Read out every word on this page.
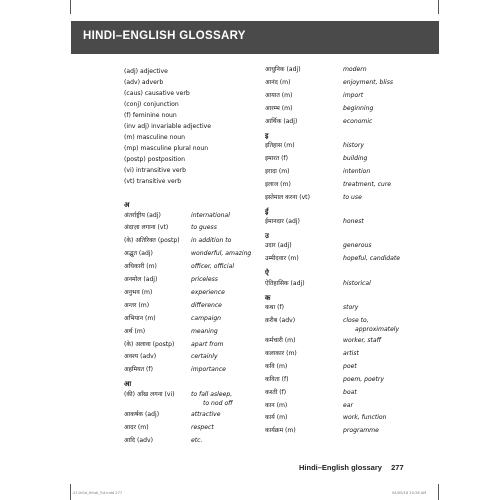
HINDI–ENGLISH GLOSSARY
(adj) adjective
(adv) adverb
(caus) causative verb
(conj) conjunction
(f) feminine noun
(inv adj) invariable adjective
(m) masculine noun
(mp) masculine plural noun
(postp) postposition
(vi) intransitive verb
(vt) transitive verb
अ
अंतर्राष्ट्रीय (adj)	international
अंदाज़ा लगाना (vt)	to guess
(के) अतिरिक्त (postp) in addition to
अद्भुत (adj)	wonderful, amazing
अधिकारी (m)	officer, official
अनमोल (adj)	priceless
अनुभव (m)	experience
अन्तर (m)	difference
अभियान (m)	campaign
अर्थ (m)	meaning
(के) अलावा (postp)	apart from
अवश्य (adv)	certainly
अहमियत (f)	importance
आ
(की) आँख लगना (vi)	to fall asleep,
to nod off
आकर्षक (adj)	attractive
आदर (m)	respect
आदि (adv)	etc.
आधुनिक (adj)	modern
आनंद (m)	enjoyment, bliss
आयात (m)	import
आरम्भ (m)	beginning
आर्थिक (adj)	economic
इ
इतिहास (m)	history
इमारत (f)	building
इरादा (m)	intention
इलाज (m)	treatment, cure
इस्तेमाल करना (vt)	to use
ई
ईमानदार (adj)	honest
उ
उदार (adj)	generous
उम्मीदवार (m)	hopeful, candidate
ऐ
ऐतिहासिक (adj)	historical
क
कथा (f)	story
क़रीब (adv)	close to,
approximately
कर्मचारी (m)	worker, staff
कलाकार (m)	artist
कवि (m)	poet
कविता (f)	poem, poetry
कश्ती (f)	boat
कान (m)	ear
कार्य (m)	work, function
कार्यक्रम (m)	programme
Hindi–English glossary 277
-511hSd_Hindi_Tut.indd 277	04/05/18 10:26 AM
